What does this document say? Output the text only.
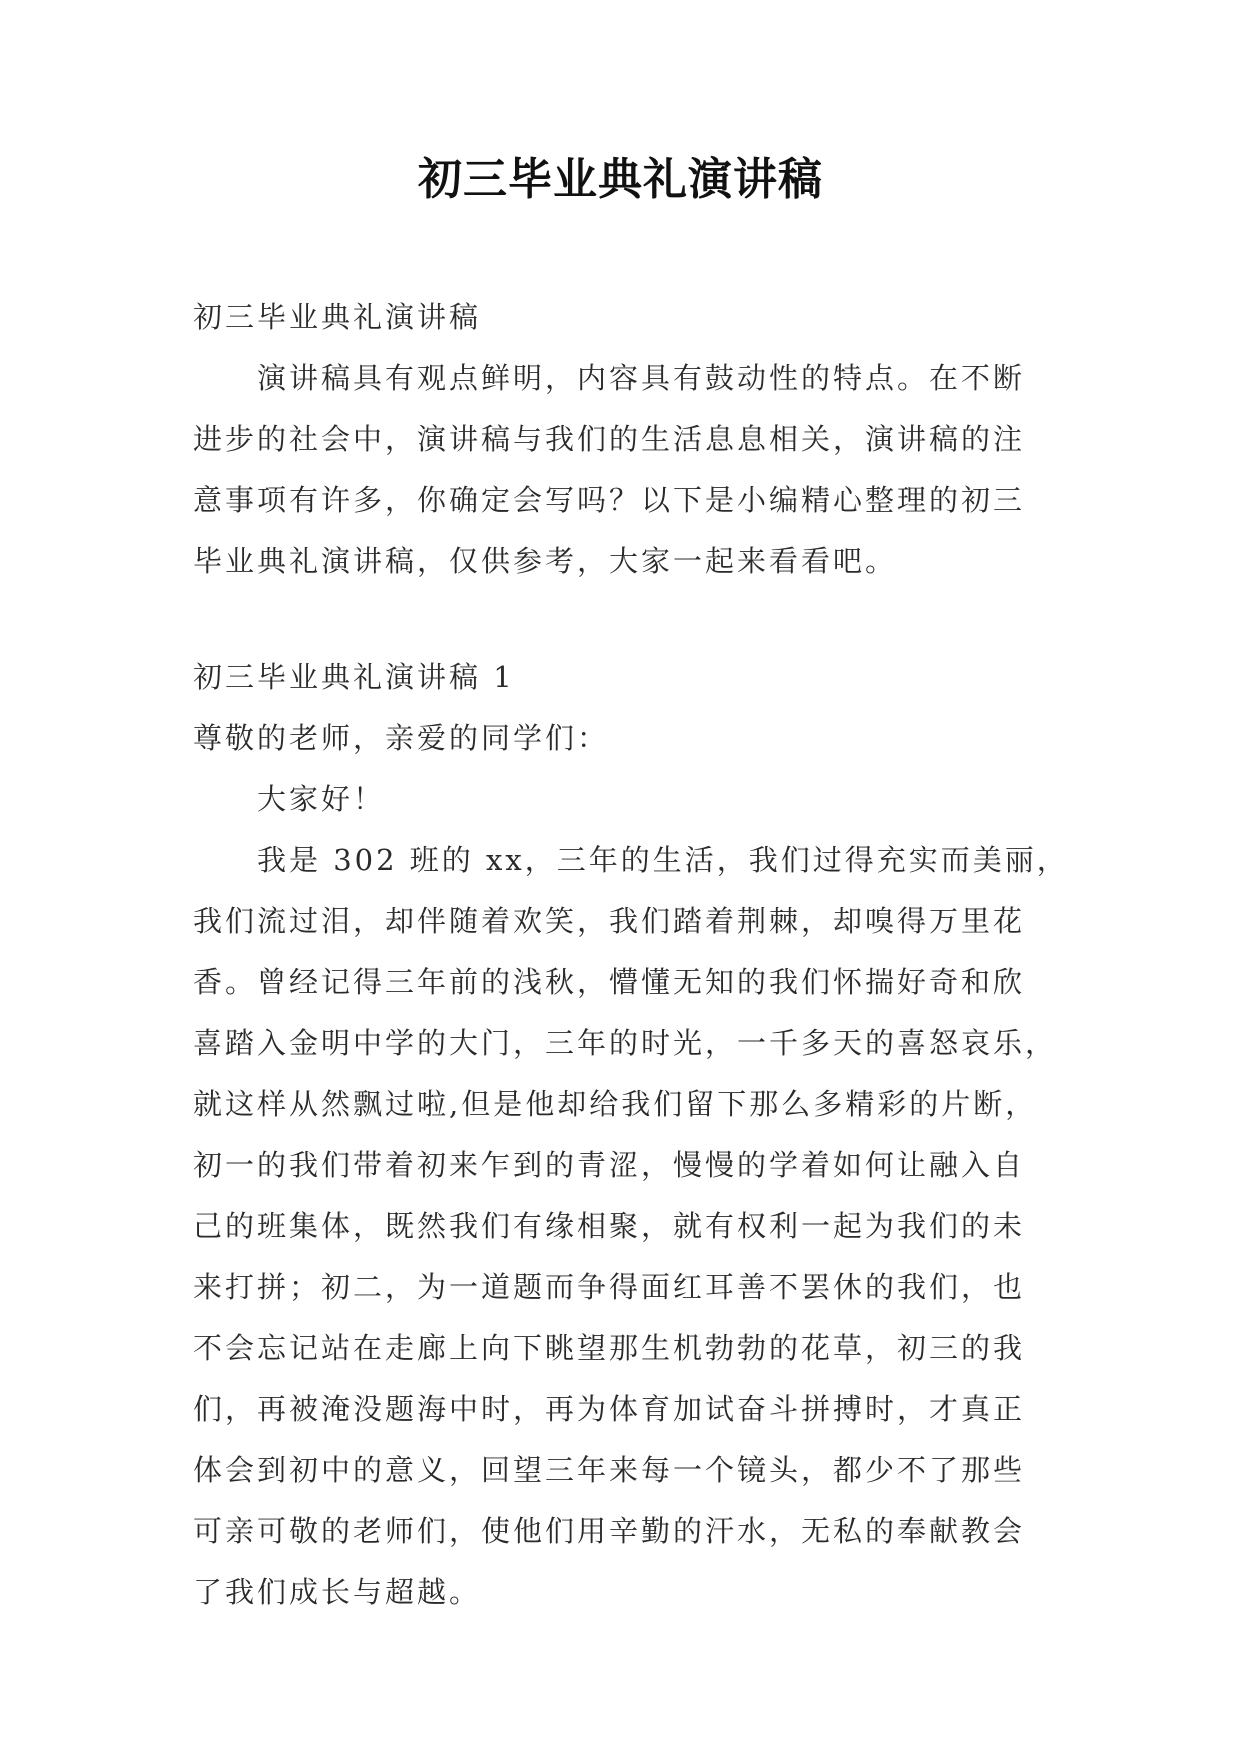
初三毕业典礼演讲稿
初三毕业典礼演讲稿
演讲稿具有观点鲜明，内容具有鼓动性的特点。在不断
进步的社会中，演讲稿与我们的生活息息相关，演讲稿的注
意事项有许多，你确定会写吗？以下是小编精心整理的初三
毕业典礼演讲稿，仅供参考，大家一起来看看吧。
初三毕业典礼演讲稿 1
尊敬的老师，亲爱的同学们：
大家好！
我是 302 班的 xx，三年的生活，我们过得充实而美丽，
我们流过泪，却伴随着欢笑，我们踏着荆棘，却嗅得万里花
香。曾经记得三年前的浅秋，懵懂无知的我们怀揣好奇和欣
喜踏入金明中学的大门，三年的时光，一千多天的喜怒哀乐，
就这样从然飘过啦,但是他却给我们留下那么多精彩的片断，
初一的我们带着初来乍到的青涩，慢慢的学着如何让融入自
己的班集体，既然我们有缘相聚，就有权利一起为我们的未
来打拼；初二，为一道题而争得面红耳善不罢休的我们，也
不会忘记站在走廊上向下眺望那生机勃勃的花草，初三的我
们，再被淹没题海中时，再为体育加试奋斗拼搏时，才真正
体会到初中的意义，回望三年来每一个镜头，都少不了那些
可亲可敬的老师们，使他们用辛勤的汗水，无私的奉献教会
了我们成长与超越。
